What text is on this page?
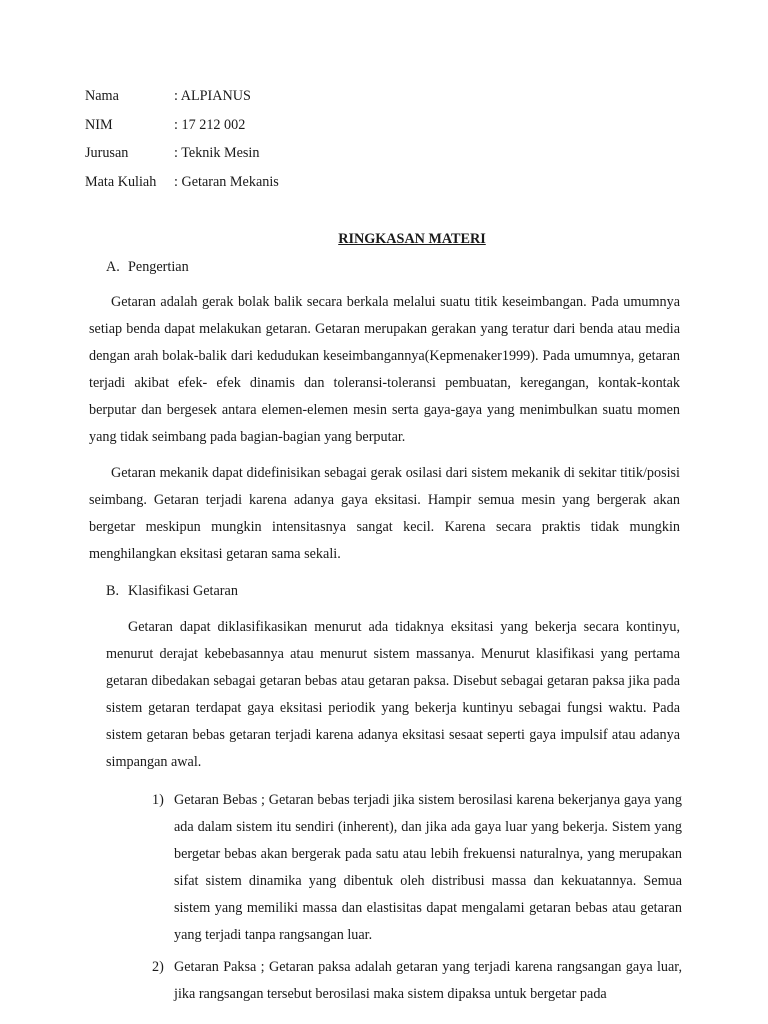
Nama	: ALPIANUS
NIM	: 17 212 002
Jurusan	: Teknik Mesin
Mata Kuliah	: Getaran Mekanis
RINGKASAN MATERI
A. Pengertian

Getaran adalah gerak bolak balik secara berkala melalui suatu titik keseimbangan. Pada umumnya setiap benda dapat melakukan getaran. Getaran merupakan gerakan yang teratur dari benda atau media dengan arah bolak-balik dari kedudukan keseimbangannya(Kepmenaker1999). Pada umumnya, getaran terjadi akibat efek- efek dinamis dan toleransi-toleransi pembuatan, keregangan, kontak-kontak berputar dan bergesek antara elemen-elemen mesin serta gaya-gaya yang menimbulkan suatu momen yang tidak seimbang pada bagian-bagian yang berputar.

Getaran mekanik dapat didefinisikan sebagai gerak osilasi dari sistem mekanik di sekitar titik/posisi seimbang. Getaran terjadi karena adanya gaya eksitasi. Hampir semua mesin yang bergerak akan bergetar meskipun mungkin intensitasnya sangat kecil. Karena secara praktis tidak mungkin menghilangkan eksitasi getaran sama sekali.

B. Klasifikasi Getaran

Getaran dapat diklasifikasikan menurut ada tidaknya eksitasi yang bekerja secara kontinyu, menurut derajat kebebasannya atau menurut sistem massanya. Menurut klasifikasi yang pertama getaran dibedakan sebagai getaran bebas atau getaran paksa. Disebut sebagai getaran paksa jika pada sistem getaran terdapat gaya eksitasi periodik yang bekerja kuntinyu sebagai fungsi waktu. Pada sistem getaran bebas getaran terjadi karena adanya eksitasi sesaat seperti gaya impulsif atau adanya simpangan awal.

1) Getaran Bebas ; Getaran bebas terjadi jika sistem berosilasi karena bekerjanya gaya yang ada dalam sistem itu sendiri (inherent), dan jika ada gaya luar yang bekerja. Sistem yang bergetar bebas akan bergerak pada satu atau lebih frekuensi naturalnya, yang merupakan sifat sistem dinamika yang dibentuk oleh distribusi massa dan kekuatannya. Semua sistem yang memiliki massa dan elastisitas dapat mengalami getaran bebas atau getaran yang terjadi tanpa rangsangan luar.
2) Getaran Paksa ; Getaran paksa adalah getaran yang terjadi karena rangsangan gaya luar, jika rangsangan tersebut berosilasi maka sistem dipaksa untuk bergetar pada
